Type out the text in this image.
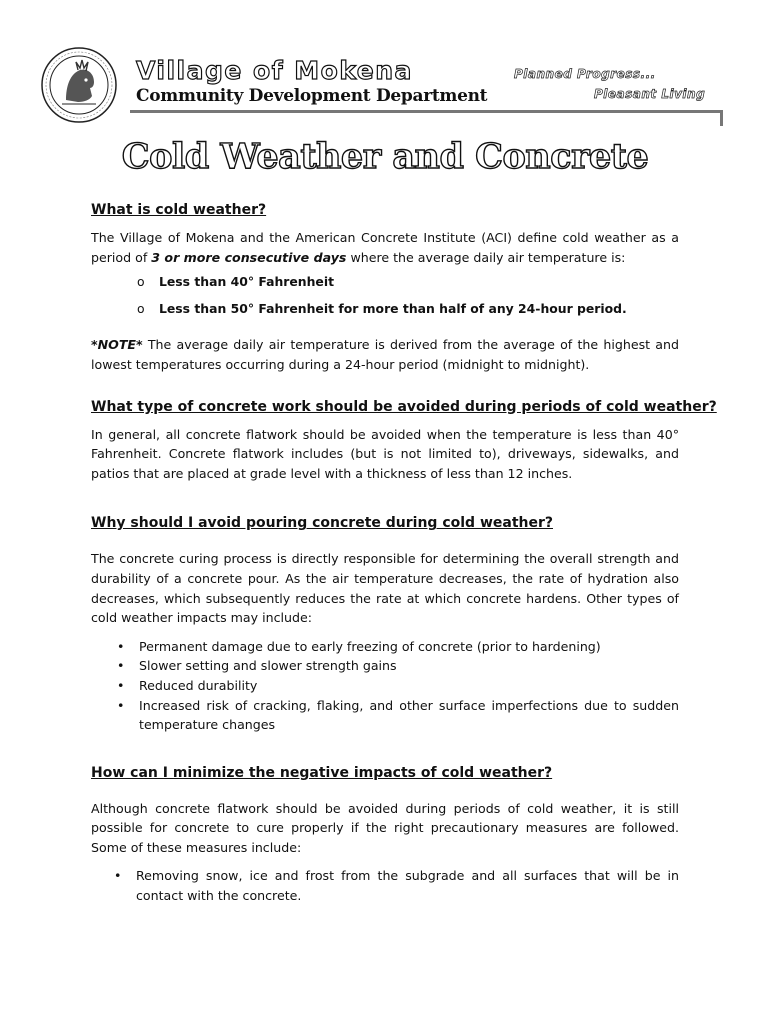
Village of Mokena
Community Development Department
Planned Progress...
Pleasant Living
Cold Weather and Concrete
What is cold weather?

The Village of Mokena and the American Concrete Institute (ACI) define cold weather as a period of 3 or more consecutive days where the average daily air temperature is:

o Less than 40° Fahrenheit
o Less than 50° Fahrenheit for more than half of any 24-hour period.

*NOTE* The average daily air temperature is derived from the average of the highest and lowest temperatures occurring during a 24-hour period (midnight to midnight).

What type of concrete work should be avoided during periods of cold weather?

In general, all concrete flatwork should be avoided when the temperature is less than 40° Fahrenheit. Concrete flatwork includes (but is not limited to), driveways, sidewalks, and patios that are placed at grade level with a thickness of less than 12 inches.

Why should I avoid pouring concrete during cold weather?

The concrete curing process is directly responsible for determining the overall strength and durability of a concrete pour. As the air temperature decreases, the rate of hydration also decreases, which subsequently reduces the rate at which concrete hardens. Other types of cold weather impacts may include:

• Permanent damage due to early freezing of concrete (prior to hardening)
• Slower setting and slower strength gains
• Reduced durability
• Increased risk of cracking, flaking, and other surface imperfections due to sudden temperature changes
How can I minimize the negative impacts of cold weather?

Although concrete flatwork should be avoided during periods of cold weather, it is still possible for concrete to cure properly if the right precautionary measures are followed. Some of these measures include:

• Removing snow, ice and frost from the subgrade and all surfaces that will be in contact with the concrete.
